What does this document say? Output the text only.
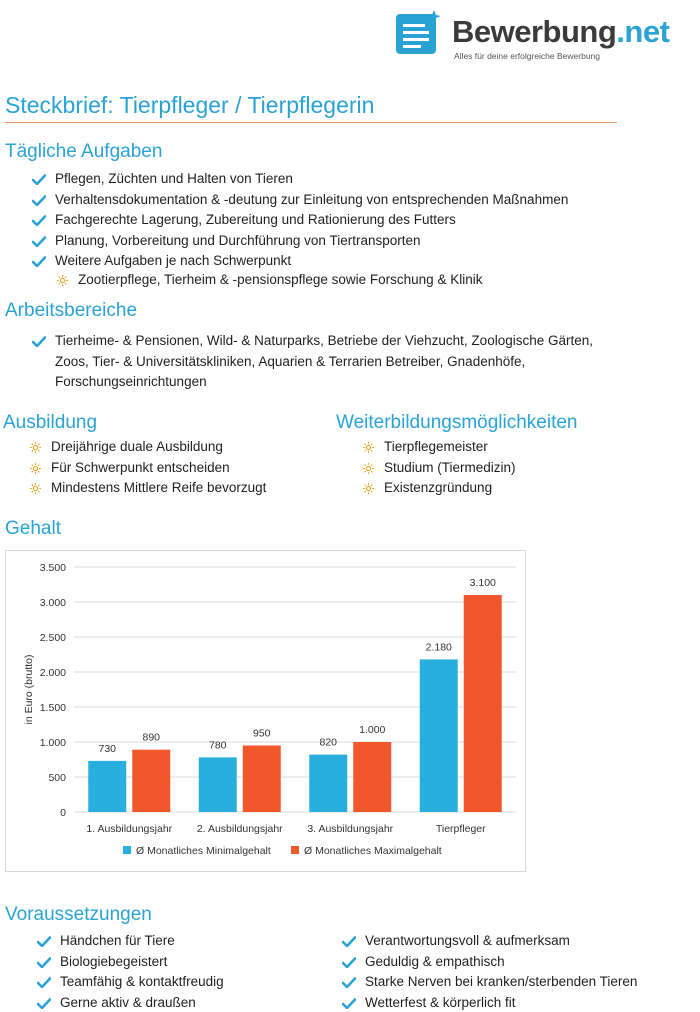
Bewerbung.net
Alles für deine erfolgreiche Bewerbung
Steckbrief: Tierpfleger / Tierpflegerin
Tägliche Aufgaben
Pflegen, Züchten und Halten von Tieren
Verhaltensdokumentation & -deutung zur Einleitung von entsprechenden Maßnahmen
Fachgerechte Lagerung, Zubereitung und Rationierung des Futters
Planung, Vorbereitung und Durchführung von Tiertransporten
Weitere Aufgaben je nach Schwerpunkt
Zootierpflege, Tierheim & -pensionspflege sowie Forschung & Klinik
Arbeitsbereiche
Tierheime- & Pensionen, Wild- & Naturparks, Betriebe der Viehzucht, Zoologische Gärten, Zoos, Tier- & Universitätskliniken, Aquarien & Terrarien Betreiber, Gnadenhöfe, Forschungseinrichtungen
Ausbildung
Dreijährige duale Ausbildung
Für Schwerpunkt entscheiden
Mindestens Mittlere Reife bevorzugt
Weiterbildungsmöglichkeiten
Tierpflegemeister
Studium (Tiermedizin)
Existenzgründung
Gehalt
0
500
1.000
1.500
2.000
2.500
3.000
3.500
in Euro (brutto)
730
890
1. Ausbildungsjahr
780
950
2. Ausbildungsjahr
820
1.000
3. Ausbildungsjahr
2.180
3.100
Tierpfleger
Ø Monatliches Minimalgehalt	Ø Monatliches Maximalgehalt
Voraussetzungen
Händchen für Tiere
Biologiebegeistert
Teamfähig & kontaktfreudig
Gerne aktiv & draußen
Verantwortungsvoll & aufmerksam
Geduldig & empathisch
Starke Nerven bei kranken/sterbenden Tieren
Wetterfest & körperlich fit
